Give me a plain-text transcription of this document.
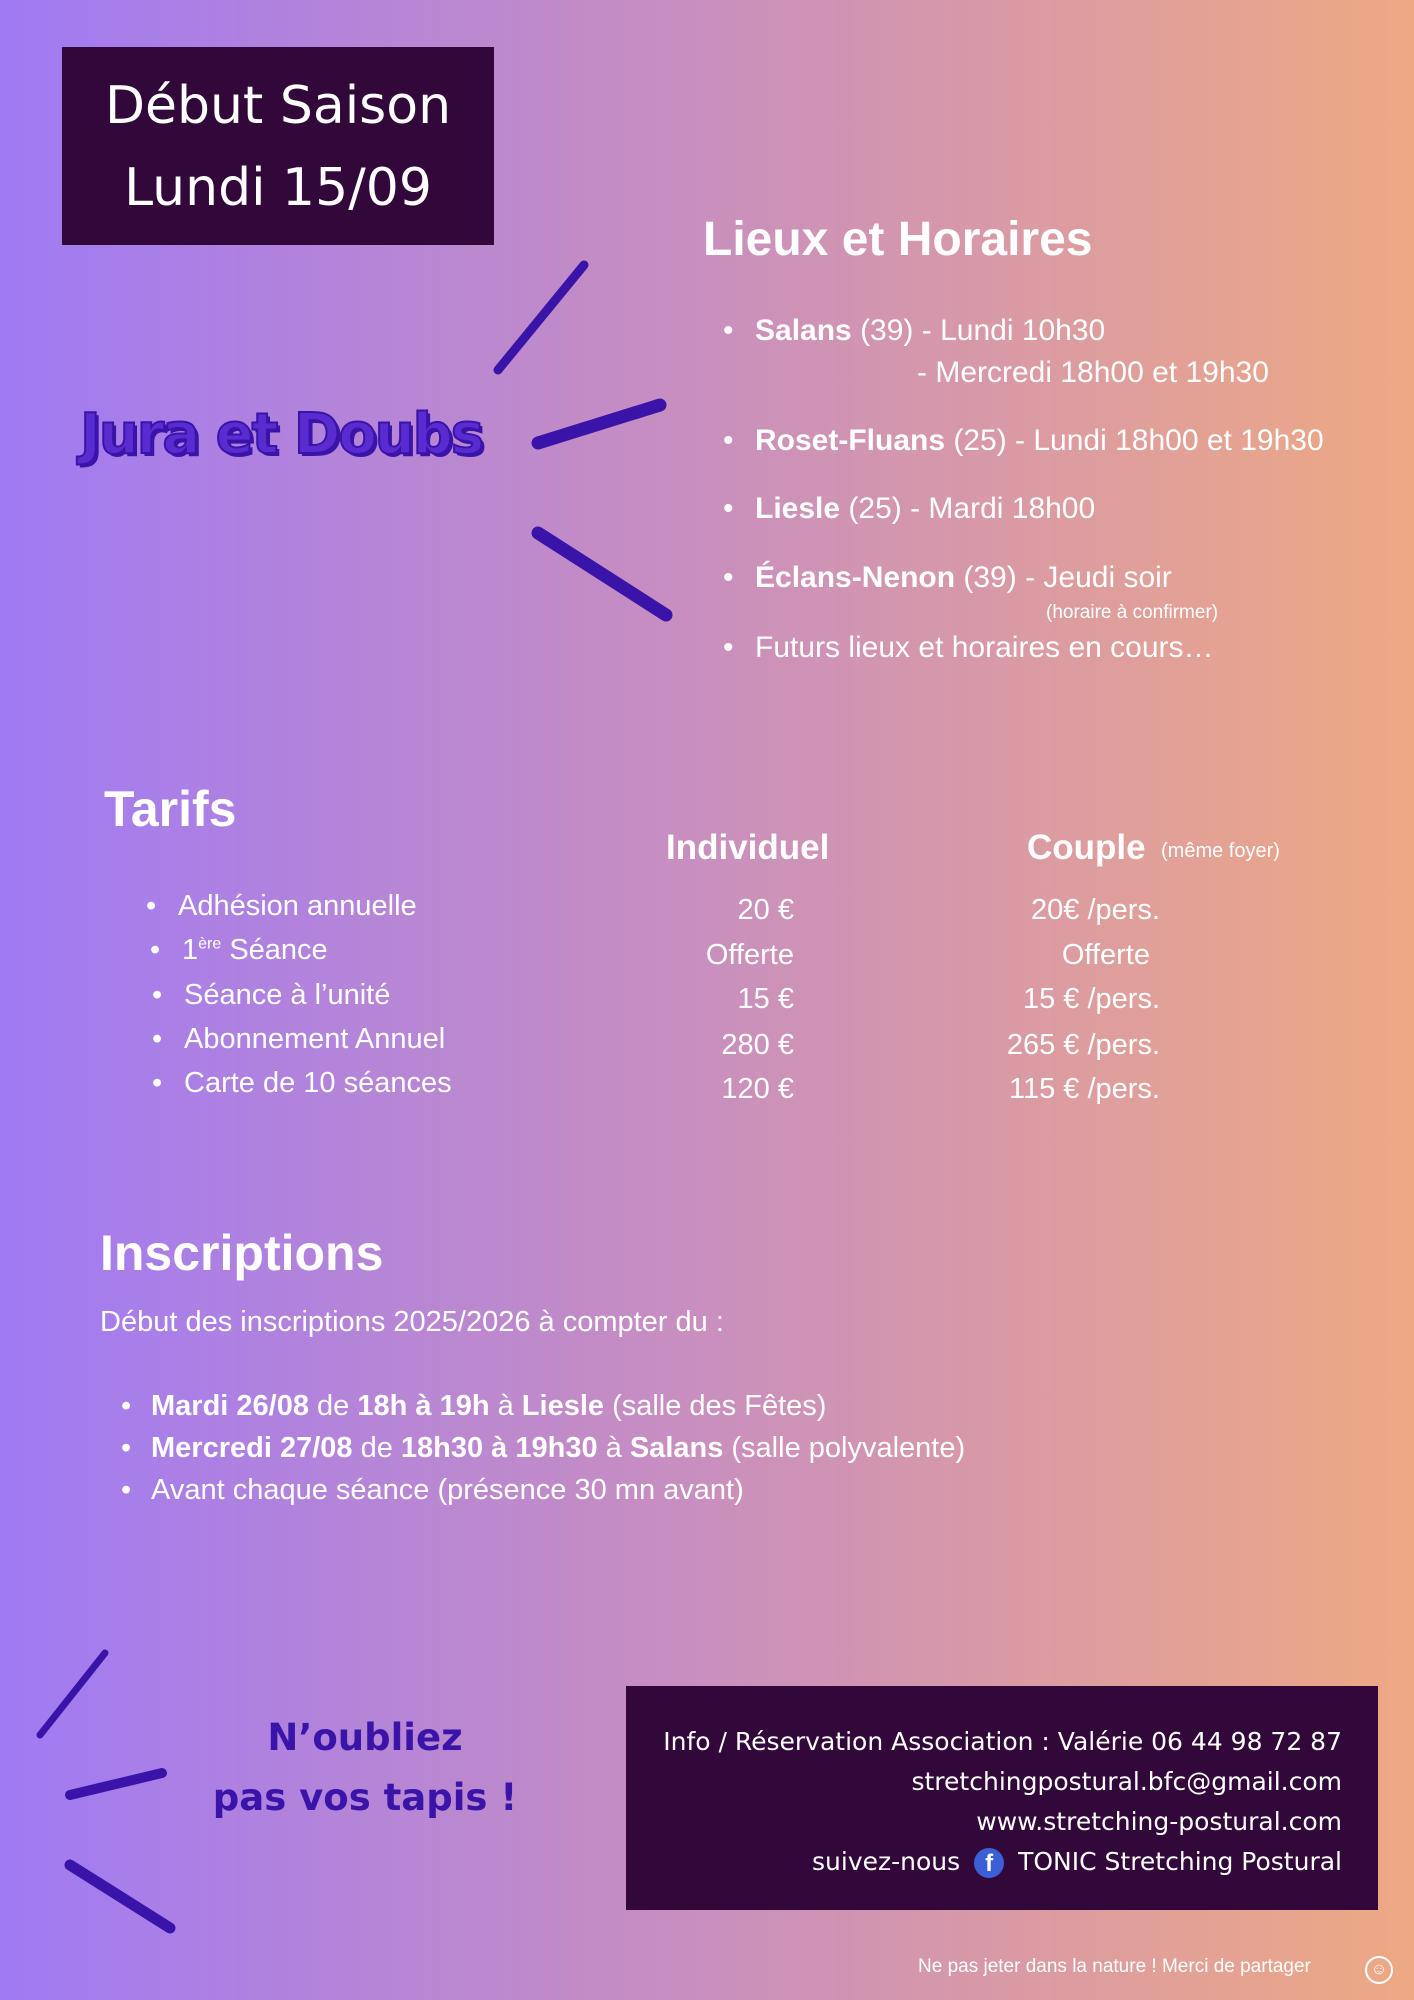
Début Saison
Lundi 15/09
Jura et Doubs
Lieux et Horaires
• Salans (39) - Lundi 10h30
- Mercredi 18h00 et 19h30
• Roset-Fluans (25) - Lundi 18h00 et 19h30
• Liesle (25) - Mardi 18h00
• Éclans-Nenon (39) - Jeudi soir
(horaire à confirmer)
• Futurs lieux et horaires en cours…
Tarifs
Individuel	Couple (même foyer)
• Adhésion annuelle	20 €	20€ /pers.
• 1ère Séance	Offerte	Offerte
• Séance à l’unité	15 €	15 € /pers.
• Abonnement Annuel	280 €	265 € /pers.
• Carte de 10 séances	120 €	115 € /pers.
Inscriptions
Début des inscriptions 2025/2026 à compter du :
• Mardi 26/08 de 18h à 19h à Liesle (salle des Fêtes)
• Mercredi 27/08 de 18h30 à 19h30 à Salans (salle polyvalente)
• Avant chaque séance (présence 30 mn avant)
N’oubliez
pas vos tapis !
Info / Réservation Association : Valérie 06 44 98 72 87
stretchingpostural.bfc@gmail.com
www.stretching-postural.com
suivez-nous f TONIC Stretching Postural
Ne pas jeter dans la nature ! Merci de partager	☺
